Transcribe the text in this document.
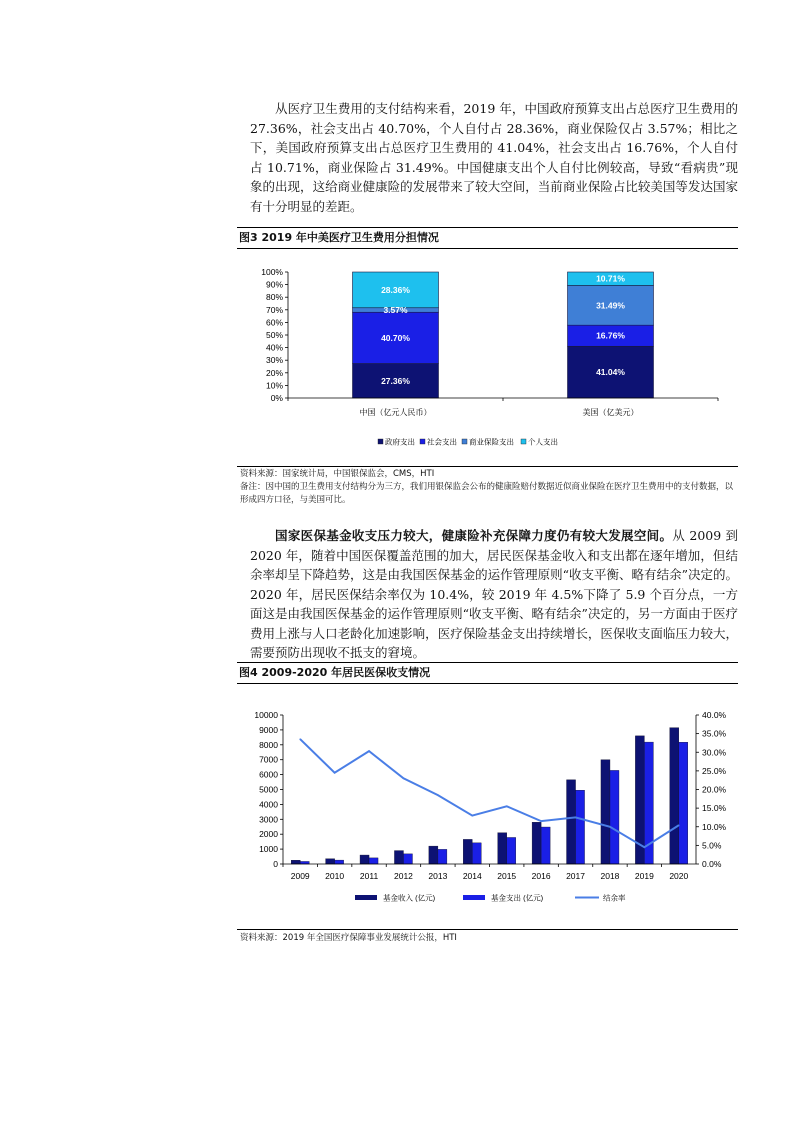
从医疗卫生费用的支付结构来看，2019 年，中国政府预算支出占总医疗卫生费用的 27.36%，社会支出占 40.70%，个人自付占 28.36%，商业保险仅占 3.57%；相比之下，美国政府预算支出占总医疗卫生费用的 41.04%，社会支出占 16.76%，个人自付占 10.71%，商业保险占 31.49%。中国健康支出个人自付比例较高，导致“看病贵”现象的出现，这给商业健康险的发展带来了较大空间，当前商业保险占比较美国等发达国家有十分明显的差距。

图3 2019 年中美医疗卫生费用分担情况
27.36%
40.70%
3.57%
28.36%
41.04%
16.76%
31.49%
10.71%
0%
10%
20%
30%
40%
50%
60%
70%
80%
90%
100%
中国（亿元人民币）	美国（亿美元）
政府支出 社会支出 商业保险支出 个人支出
资料来源：国家统计局，中国银保监会，CMS，HTI
备注：因中国的卫生费用支付结构分为三方，我们用银保监会公布的健康险赔付数据近似商业保险在医疗卫生费用中的支付数据，以形成四方口径，与美国可比。

国家医保基金收支压力较大，健康险补充保障力度仍有较大发展空间。从 2009 到 2020 年，随着中国医保覆盖范围的加大，居民医保基金收入和支出都在逐年增加，但结余率却呈下降趋势，这是由我国医保基金的运作管理原则“收支平衡、略有结余”决定的。2020 年，居民医保结余率仅为 10.4%，较 2019 年 4.5%下降了 5.9 个百分点，一方面这是由我国医保基金的运作管理原则“收支平衡、略有结余”决定的，另一方面由于医疗费用上涨与人口老龄化加速影响，医疗保险基金支出持续增长，医保收支面临压力较大，需要预防出现收不抵支的窘境。

图4 2009-2020 年居民医保收支情况
0
1000
2000
3000
4000
5000
6000
7000
8000
9000
10000
0.0%
5.0%
10.0%
15.0%
20.0%
25.0%
30.0%
35.0%
40.0%
2009 2010 2011 2012 2013 2014 2015 2016 2017 2018 2019 2020
基金收入 (亿元)	基金支出 (亿元)	结余率
资料来源：2019 年全国医疗保障事业发展统计公报，HTI
